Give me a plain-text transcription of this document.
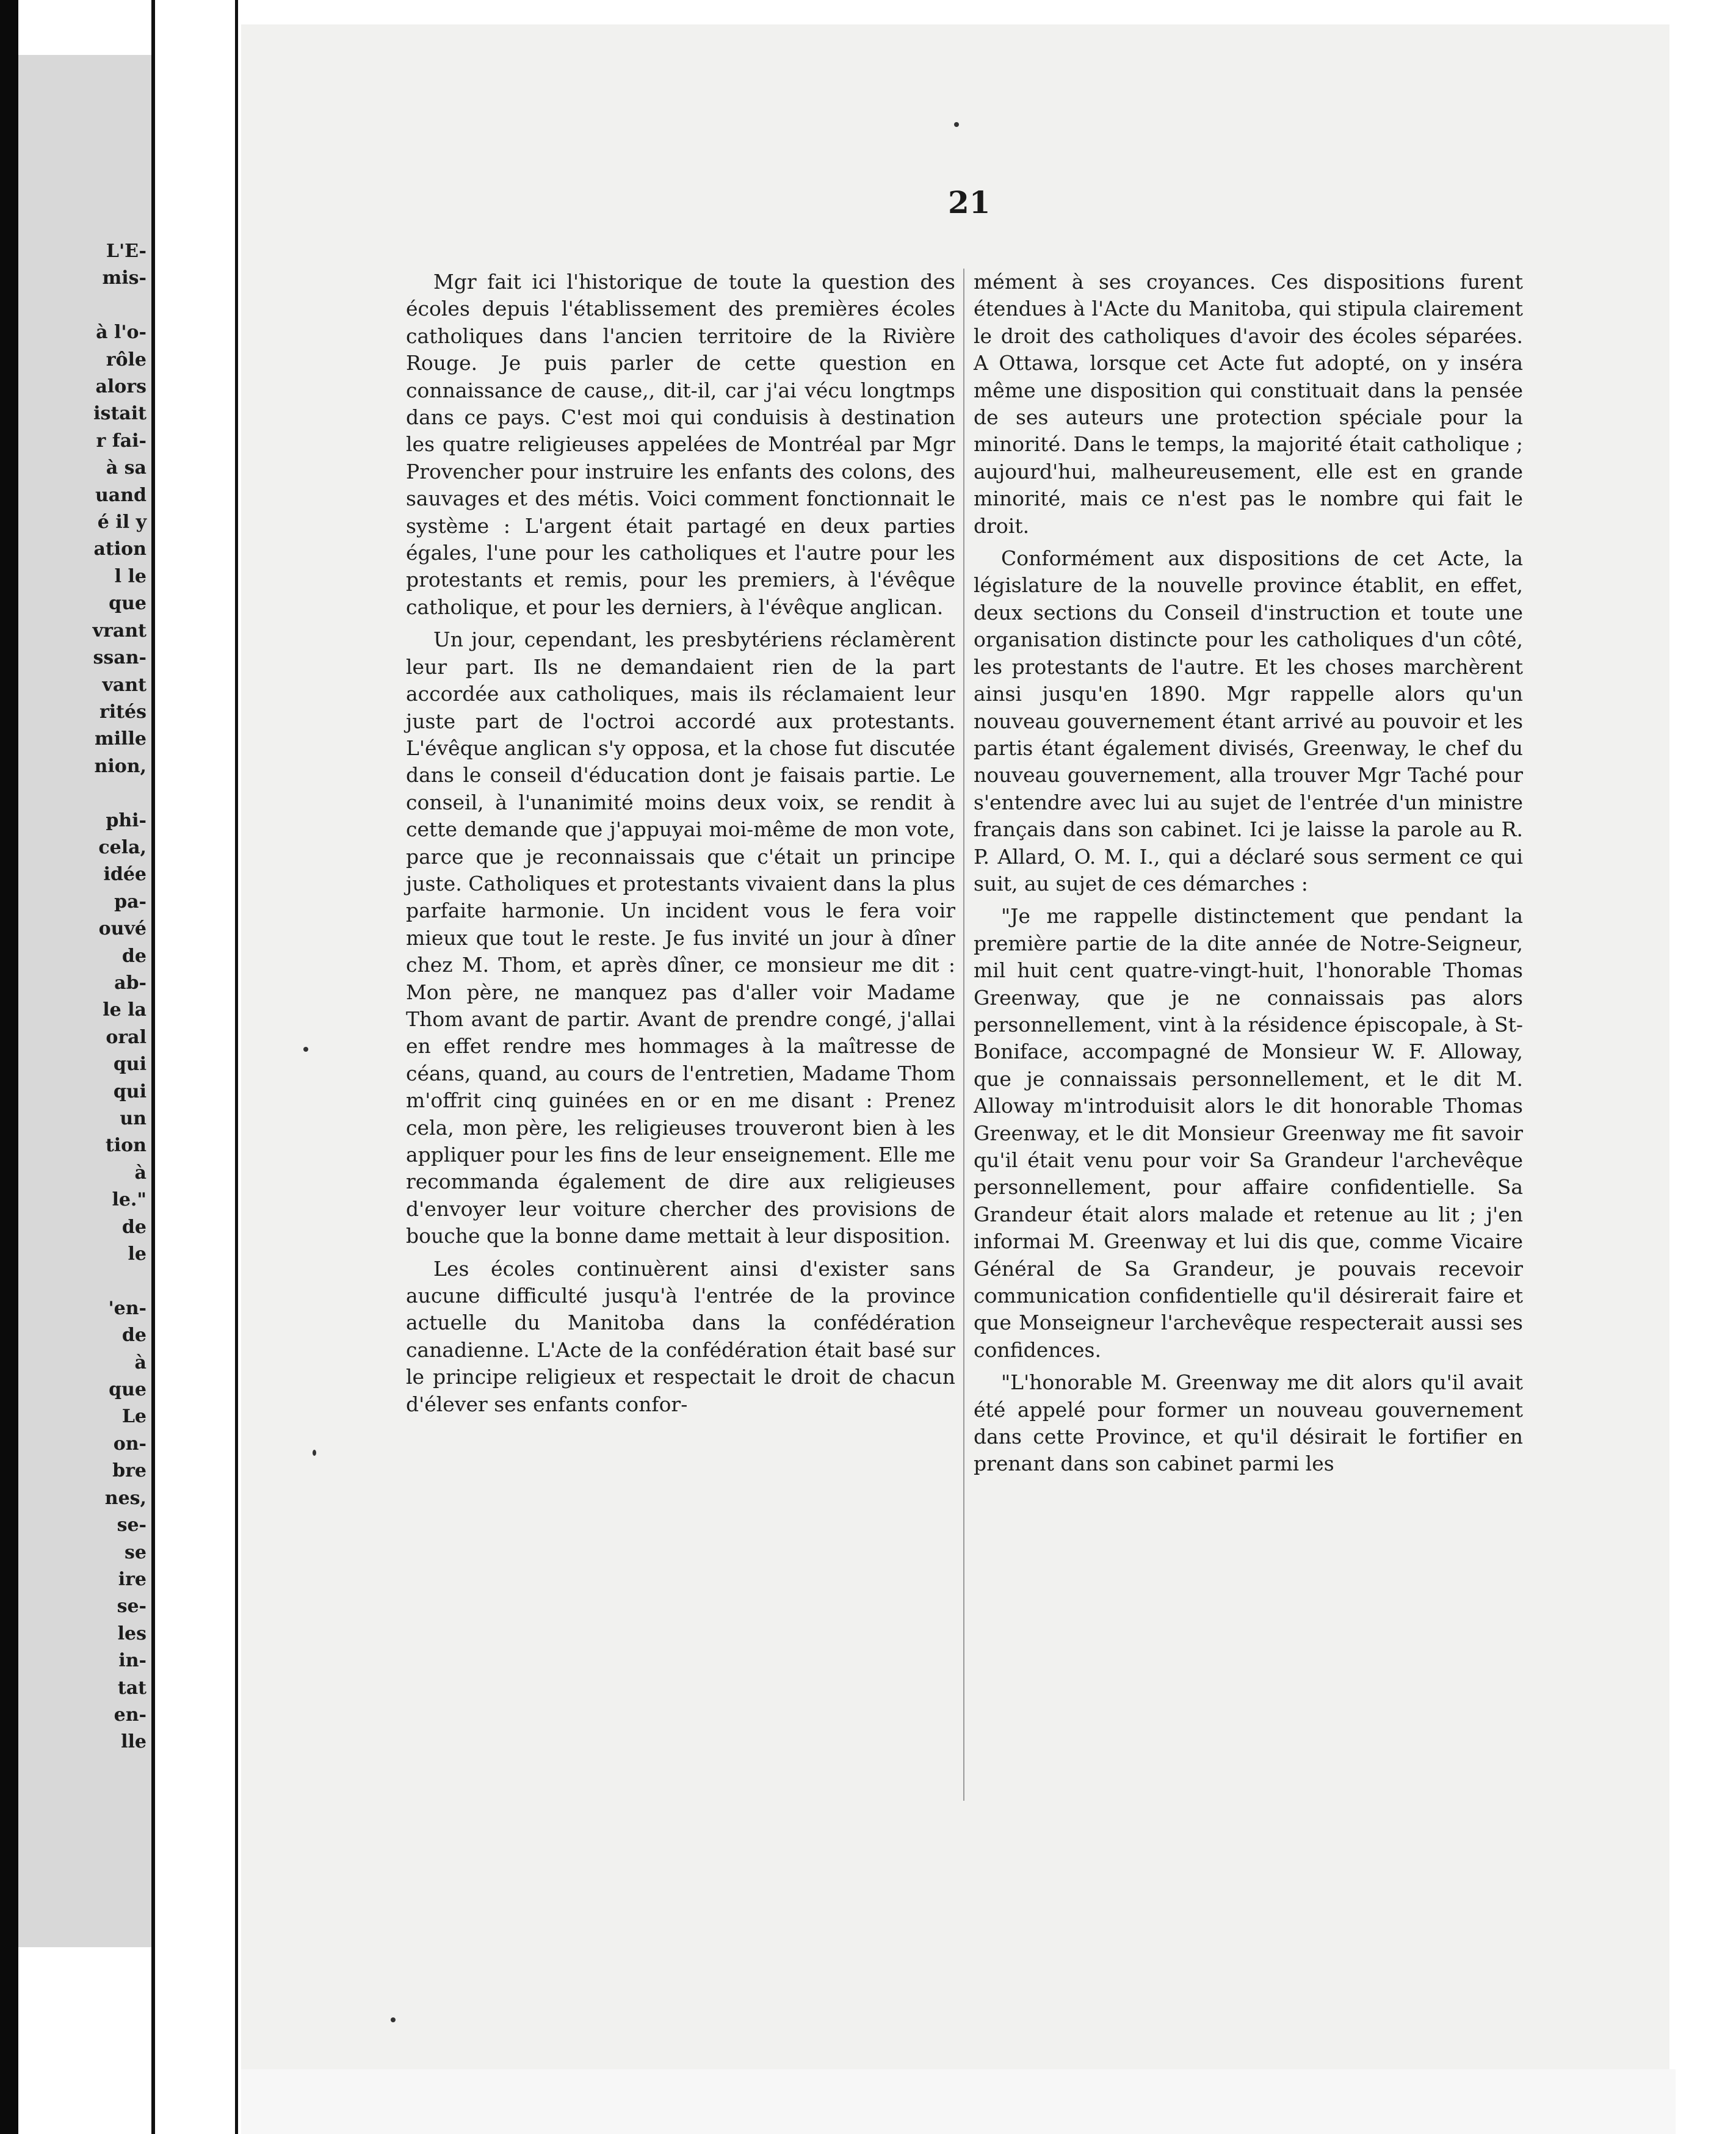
L'E-
mis-

à l'o-
rôle
alors
istait
r fai-
à sa
uand
é il y
ation
l le
que
vrant
ssan-
vant
rités
mille
nion,

phi-
cela,
idée
pa-
ouvé
de
ab-
le la
oral
qui
qui
un
tion
à
le."
de
le

'en-
de
à
que
Le
on-
bre
nes,
se-
se
ire
se-
les
in-
tat
en-
lle
21

Mgr fait ici l'historique de toute la question des écoles depuis l'établissement des premières écoles catholiques dans l'ancien territoire de la Rivière Rouge. Je puis parler de cette question en connaissance de cause,, dit-il, car j'ai vécu longtmps dans ce pays. C'est moi qui conduisis à destination les quatre religieuses appelées de Montréal par Mgr Provencher pour instruire les enfants des colons, des sauvages et des métis. Voici comment fonctionnait le système : L'argent était partagé en deux parties égales, l'une pour les catholiques et l'autre pour les protestants et remis, pour les premiers, à l'évêque catholique, et pour les derniers, à l'évêque anglican.

Un jour, cependant, les presbytériens réclamèrent leur part. Ils ne demandaient rien de la part accordée aux catholiques, mais ils réclamaient leur juste part de l'octroi accordé aux protestants. L'évêque anglican s'y opposa, et la chose fut discutée dans le conseil d'éducation dont je faisais partie. Le conseil, à l'unanimité moins deux voix, se rendit à cette demande que j'appuyai moi-même de mon vote, parce que je reconnaissais que c'était un principe juste. Catholiques et protestants vivaient dans la plus parfaite harmonie. Un incident vous le fera voir mieux que tout le reste. Je fus invité un jour à dîner chez M. Thom, et après dîner, ce monsieur me dit : Mon père, ne manquez pas d'aller voir Madame Thom avant de partir. Avant de prendre congé, j'allai en effet rendre mes hommages à la maîtresse de céans, quand, au cours de l'entretien, Madame Thom m'offrit cinq guinées en or en me disant : Prenez cela, mon père, les religieuses trouveront bien à les appliquer pour les fins de leur enseignement. Elle me recommanda également de dire aux religieuses d'envoyer leur voiture chercher des provisions de bouche que la bonne dame mettait à leur disposition.

Les écoles continuèrent ainsi d'exister sans aucune difficulté jusqu'à l'entrée de la province actuelle du Manitoba dans la confédération canadienne. L'Acte de la confédération était basé sur le principe religieux et respectait le droit de chacun d'élever ses enfants confor-

mément à ses croyances. Ces dispositions furent étendues à l'Acte du Manitoba, qui stipula clairement le droit des catholiques d'avoir des écoles séparées. A Ottawa, lorsque cet Acte fut adopté, on y inséra même une disposition qui constituait dans la pensée de ses auteurs une protection spéciale pour la minorité. Dans le temps, la majorité était catholique ; aujourd'hui, malheureusement, elle est en grande minorité, mais ce n'est pas le nombre qui fait le droit.

Conformément aux dispositions de cet Acte, la législature de la nouvelle province établit, en effet, deux sections du Conseil d'instruction et toute une organisation distincte pour les catholiques d'un côté, les protestants de l'autre. Et les choses marchèrent ainsi jusqu'en 1890. Mgr rappelle alors qu'un nouveau gouvernement étant arrivé au pouvoir et les partis étant également divisés, Greenway, le chef du nouveau gouvernement, alla trouver Mgr Taché pour s'entendre avec lui au sujet de l'entrée d'un ministre français dans son cabinet. Ici je laisse la parole au R. P. Allard, O. M. I., qui a déclaré sous serment ce qui suit, au sujet de ces démarches :

"Je me rappelle distinctement que pendant la première partie de la dite année de Notre-Seigneur, mil huit cent quatre-vingt-huit, l'honorable Thomas Greenway, que je ne connaissais pas alors personnellement, vint à la résidence épiscopale, à St-Boniface, accompagné de Monsieur W. F. Alloway, que je connaissais personnellement, et le dit M. Alloway m'introduisit alors le dit honorable Thomas Greenway, et le dit Monsieur Greenway me fit savoir qu'il était venu pour voir Sa Grandeur l'archevêque personnellement, pour affaire confidentielle. Sa Grandeur était alors malade et retenue au lit ; j'en informai M. Greenway et lui dis que, comme Vicaire Général de Sa Grandeur, je pouvais recevoir communication confidentielle qu'il désirerait faire et que Monseigneur l'archevêque respecterait aussi ses confidences.

"L'honorable M. Greenway me dit alors qu'il avait été appelé pour former un nouveau gouvernement dans cette Province, et qu'il désirait le fortifier en prenant dans son cabinet parmi les
